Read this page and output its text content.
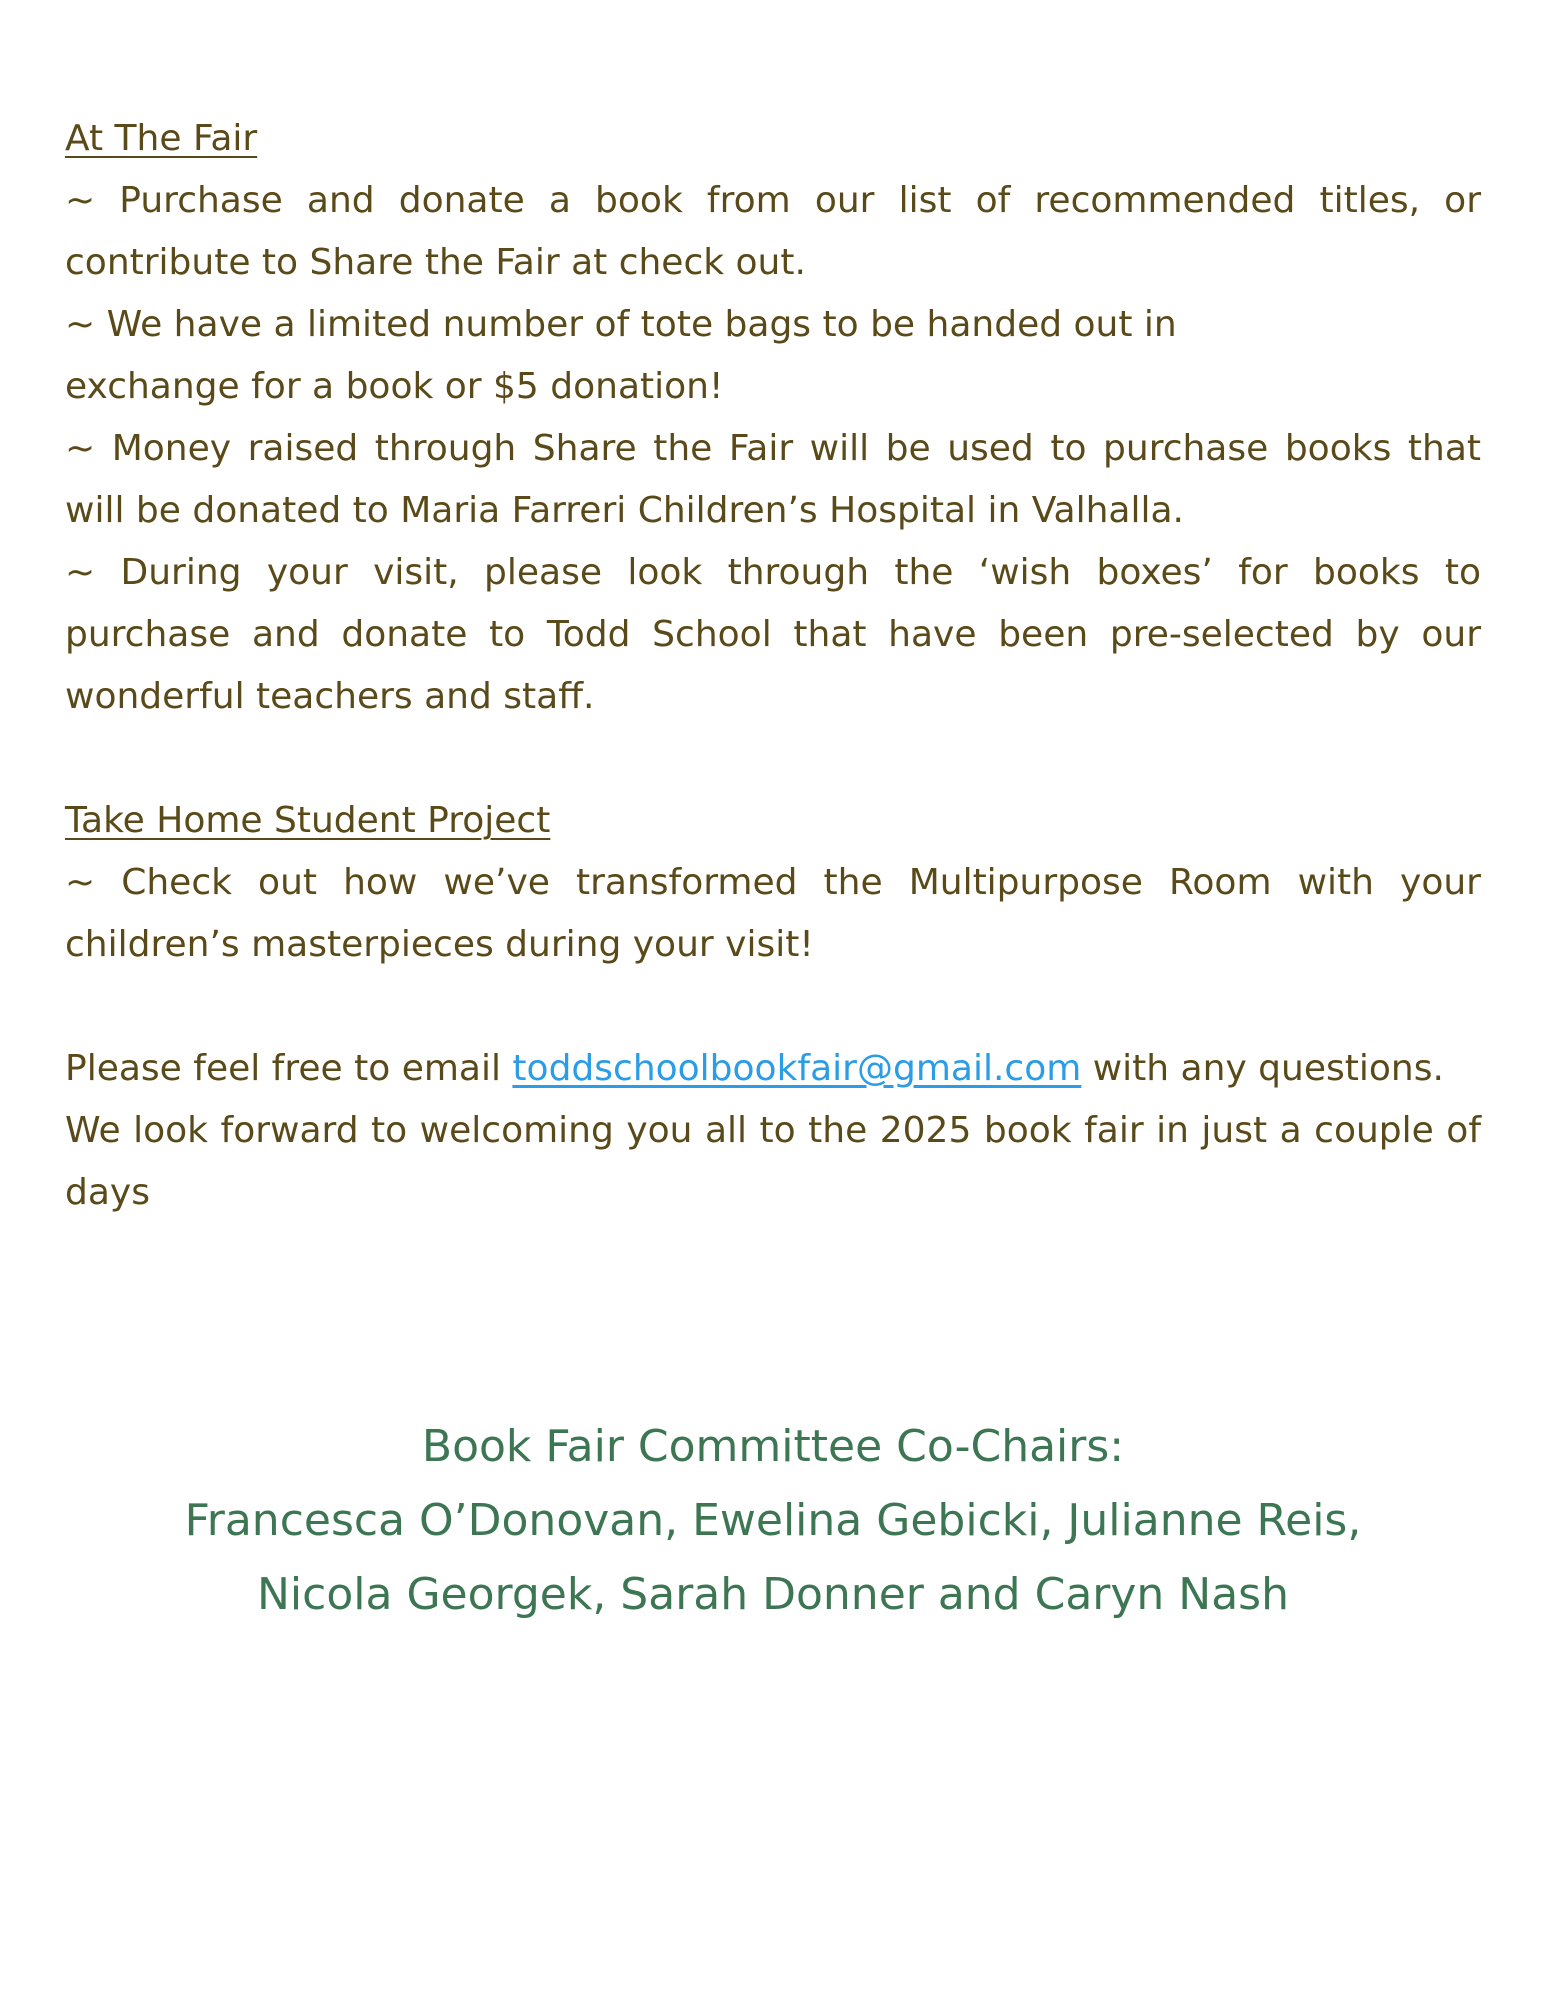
At The Fair
~ Purchase and donate a book from our list of recommended titles, or contribute to Share the Fair at check out.
~ We have a limited number of tote bags to be handed out in exchange for a book or $5 donation!
~ Money raised through Share the Fair will be used to purchase books that will be donated to Maria Farreri Children’s Hospital in Valhalla.
~ During your visit, please look through the ‘wish boxes’ for books to purchase and donate to Todd School that have been pre-selected by our wonderful teachers and staff.
Take Home Student Project
~ Check out how we’ve transformed the Multipurpose Room with your children’s masterpieces during your visit!
Please feel free to email toddschoolbookfair@gmail.com with any questions.
We look forward to welcoming you all to the 2025 book fair in just a couple of days
Book Fair Committee Co-Chairs:
Francesca O’Donovan, Ewelina Gebicki, Julianne Reis,
Nicola Georgek, Sarah Donner and Caryn Nash
